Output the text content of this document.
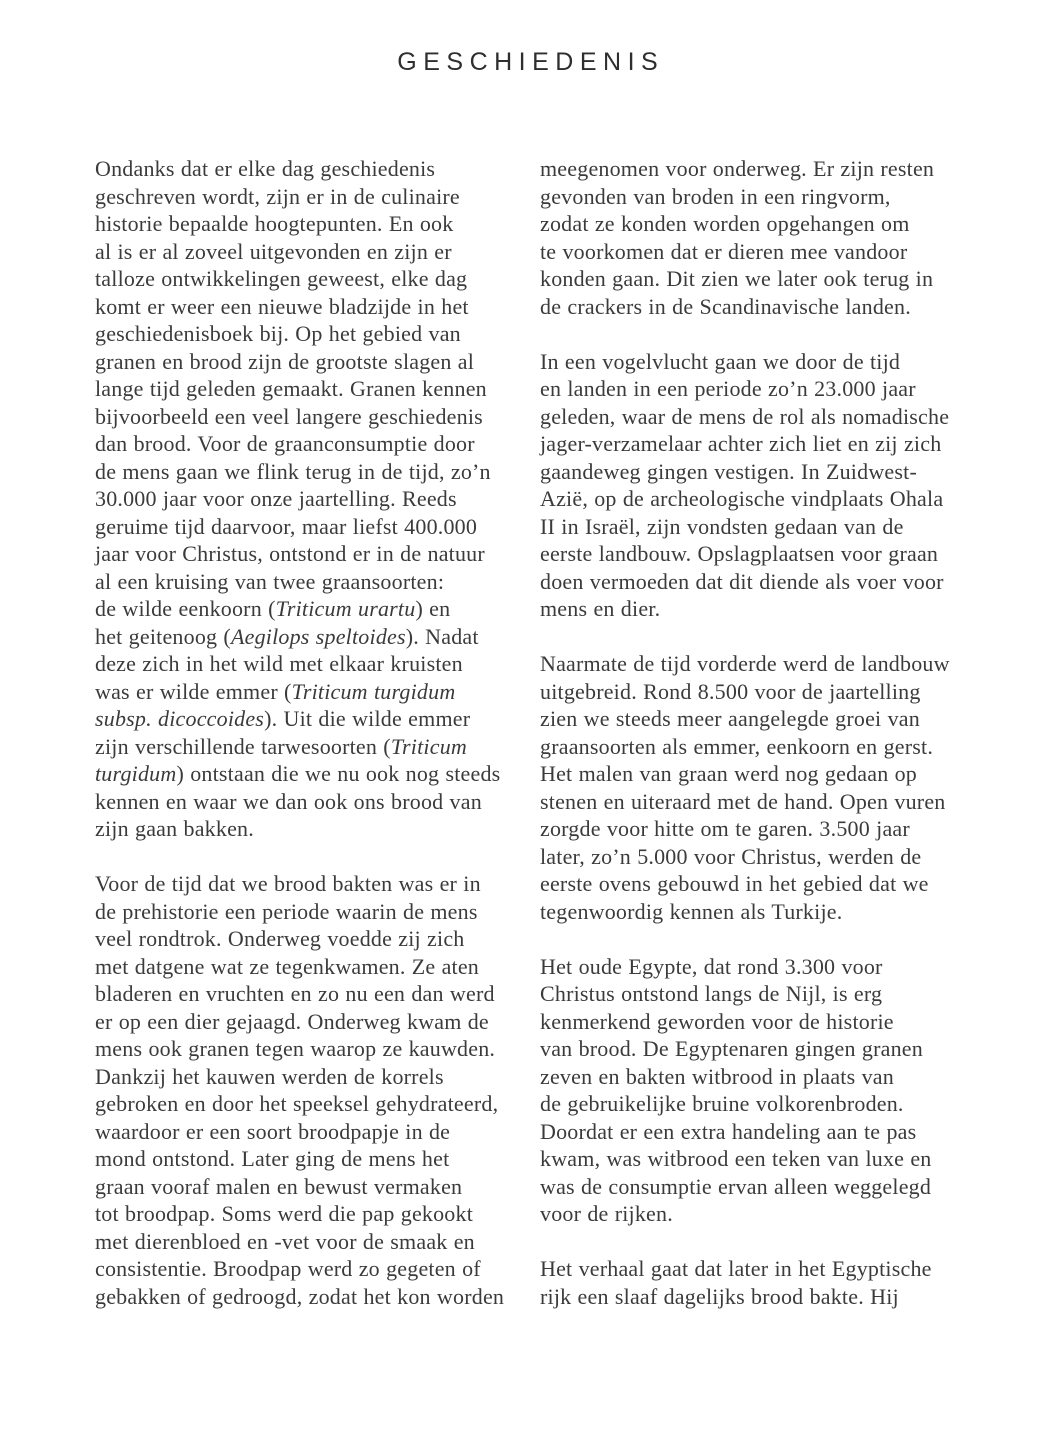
GESCHIEDENIS

Ondanks dat er elke dag geschiedenis
geschreven wordt, zijn er in de culinaire
historie bepaalde hoogtepunten. En ook
al is er al zoveel uitgevonden en zijn er
talloze ontwikkelingen geweest, elke dag
komt er weer een nieuwe bladzijde in het
geschiedenisboek bij. Op het gebied van
granen en brood zijn de grootste slagen al
lange tijd geleden gemaakt. Granen kennen
bijvoorbeeld een veel langere geschiedenis
dan brood. Voor de graanconsumptie door
de mens gaan we flink terug in de tijd, zo’n
30.000 jaar voor onze jaartelling. Reeds
geruime tijd daarvoor, maar liefst 400.000
jaar voor Christus, ontstond er in de natuur
al een kruising van twee graansoorten:
de wilde eenkoorn (Triticum urartu) en
het geitenoog (Aegilops speltoides). Nadat
deze zich in het wild met elkaar kruisten
was er wilde emmer (Triticum turgidum
subsp. dicoccoides). Uit die wilde emmer
zijn verschillende tarwesoorten (Triticum
turgidum) ontstaan die we nu ook nog steeds
kennen en waar we dan ook ons brood van
zijn gaan bakken.

Voor de tijd dat we brood bakten was er in
de prehistorie een periode waarin de mens
veel rondtrok. Onderweg voedde zij zich
met datgene wat ze tegenkwamen. Ze aten
bladeren en vruchten en zo nu een dan werd
er op een dier gejaagd. Onderweg kwam de
mens ook granen tegen waarop ze kauwden.
Dankzij het kauwen werden de korrels
gebroken en door het speeksel gehydrateerd,
waardoor er een soort broodpapje in de
mond ontstond. Later ging de mens het
graan vooraf malen en bewust vermaken
tot broodpap. Soms werd die pap gekookt
met dierenbloed en -vet voor de smaak en
consistentie. Broodpap werd zo gegeten of
gebakken of gedroogd, zodat het kon worden

meegenomen voor onderweg. Er zijn resten
gevonden van broden in een ringvorm,
zodat ze konden worden opgehangen om
te voorkomen dat er dieren mee vandoor
konden gaan. Dit zien we later ook terug in
de crackers in de Scandinavische landen.

In een vogelvlucht gaan we door de tijd
en landen in een periode zo’n 23.000 jaar
geleden, waar de mens de rol als nomadische
jager-verzamelaar achter zich liet en zij zich
gaandeweg gingen vestigen. In Zuidwest-
Azië, op de archeologische vindplaats Ohala
II in Israël, zijn vondsten gedaan van de
eerste landbouw. Opslagplaatsen voor graan
doen vermoeden dat dit diende als voer voor
mens en dier.

Naarmate de tijd vorderde werd de landbouw
uitgebreid. Rond 8.500 voor de jaartelling
zien we steeds meer aangelegde groei van
graansoorten als emmer, eenkoorn en gerst.
Het malen van graan werd nog gedaan op
stenen en uiteraard met de hand. Open vuren
zorgde voor hitte om te garen. 3.500 jaar
later, zo’n 5.000 voor Christus, werden de
eerste ovens gebouwd in het gebied dat we
tegenwoordig kennen als Turkije.

Het oude Egypte, dat rond 3.300 voor
Christus ontstond langs de Nijl, is erg
kenmerkend geworden voor de historie
van brood. De Egyptenaren gingen granen
zeven en bakten witbrood in plaats van
de gebruikelijke bruine volkorenbroden.
Doordat er een extra handeling aan te pas
kwam, was witbrood een teken van luxe en
was de consumptie ervan alleen weggelegd
voor de rijken.

Het verhaal gaat dat later in het Egyptische
rijk een slaaf dagelijks brood bakte. Hij
